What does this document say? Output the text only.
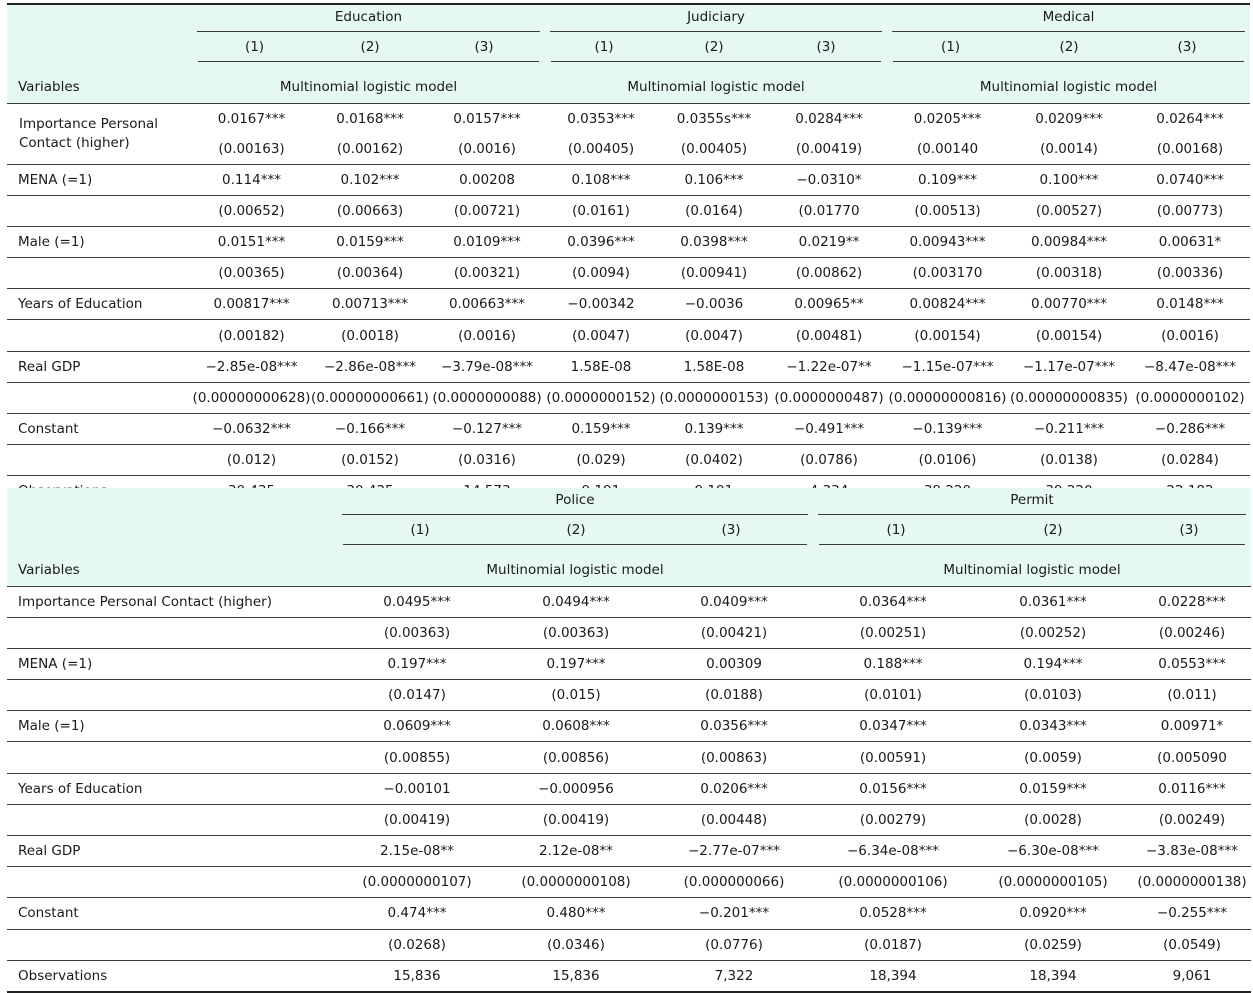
	Education			Judiciary			Medical		

	(1)	(2)	(3)	(1)	(2)	(3)	(1)	(2)	(3)

Variables	Multinomial logistic model			Multinomial logistic model			Multinomial logistic model		
Importance Personal Contact (higher)	0.0167***	0.0168***	0.0157***	0.0353***	0.0355s***	0.0284***	0.0205***	0.0209***	0.0264***
	(0.00163)	(0.00162)	(0.0016)	(0.00405)	(0.00405)	(0.00419)	(0.00140	(0.0014)	(0.00168)
MENA (=1)	0.114***	0.102***	0.00208	0.108***	0.106***	−0.0310*	0.109***	0.100***	0.0740***
	(0.00652)	(0.00663)	(0.00721)	(0.0161)	(0.0164)	(0.01770	(0.00513)	(0.00527)	(0.00773)
Male (=1)	0.0151***	0.0159***	0.0109***	0.0396***	0.0398***	0.0219**	0.00943***	0.00984***	0.00631*
	(0.00365)	(0.00364)	(0.00321)	(0.0094)	(0.00941)	(0.00862)	(0.003170	(0.00318)	(0.00336)
Years of Education	0.00817***	0.00713***	0.00663***	−0.00342	−0.0036	0.00965**	0.00824***	0.00770***	0.0148***
	(0.00182)	(0.0018)	(0.0016)	(0.0047)	(0.0047)	(0.00481)	(0.00154)	(0.00154)	(0.0016)
Real GDP	−2.85e-08***	−2.86e-08***	−3.79e-08***	1.58E-08	1.58E-08	−1.22e-07**	−1.15e-07***	−1.17e-07***	−8.47e-08***
	(0.00000000628)	(0.00000000661)	(0.0000000088)	(0.0000000152)	(0.0000000153)	(0.0000000487)	(0.00000000816)	(0.00000000835)	(0.0000000102)
Constant	−0.0632***	−0.166***	−0.127***	0.159***	0.139***	−0.491***	−0.139***	−0.211***	−0.286***
	(0.012)	(0.0152)	(0.0316)	(0.029)	(0.0402)	(0.0786)	(0.0106)	(0.0138)	(0.0284)

	Police			Permit		

	(1)	(2)	(3)	(1)	(2)	(3)

Variables	Multinomial logistic model			Multinomial logistic model		
Importance Personal Contact (higher)	0.0495***	0.0494***	0.0409***	0.0364***	0.0361***	0.0228***
	(0.00363)	(0.00363)	(0.00421)	(0.00251)	(0.00252)	(0.00246)
MENA (=1)	0.197***	0.197***	0.00309	0.188***	0.194***	0.0553***
	(0.0147)	(0.015)	(0.0188)	(0.0101)	(0.0103)	(0.011)
Male (=1)	0.0609***	0.0608***	0.0356***	0.0347***	0.0343***	0.00971*
	(0.00855)	(0.00856)	(0.00863)	(0.00591)	(0.0059)	(0.005090
Years of Education	−0.00101	−0.000956	0.0206***	0.0156***	0.0159***	0.0116***
	(0.00419)	(0.00419)	(0.00448)	(0.00279)	(0.0028)	(0.00249)
Real GDP	2.15e-08**	2.12e-08**	−2.77e-07***	−6.34e-08***	−6.30e-08***	−3.83e-08***
	(0.0000000107)	(0.0000000108)	(0.000000066)	(0.0000000106)	(0.0000000105)	(0.0000000138)
Constant	0.474***	0.480***	−0.201***	0.0528***	0.0920***	−0.255***
	(0.0268)	(0.0346)	(0.0776)	(0.0187)	(0.0259)	(0.0549)
Observations	15,836	15,836	7,322	18,394	18,394	9,061
